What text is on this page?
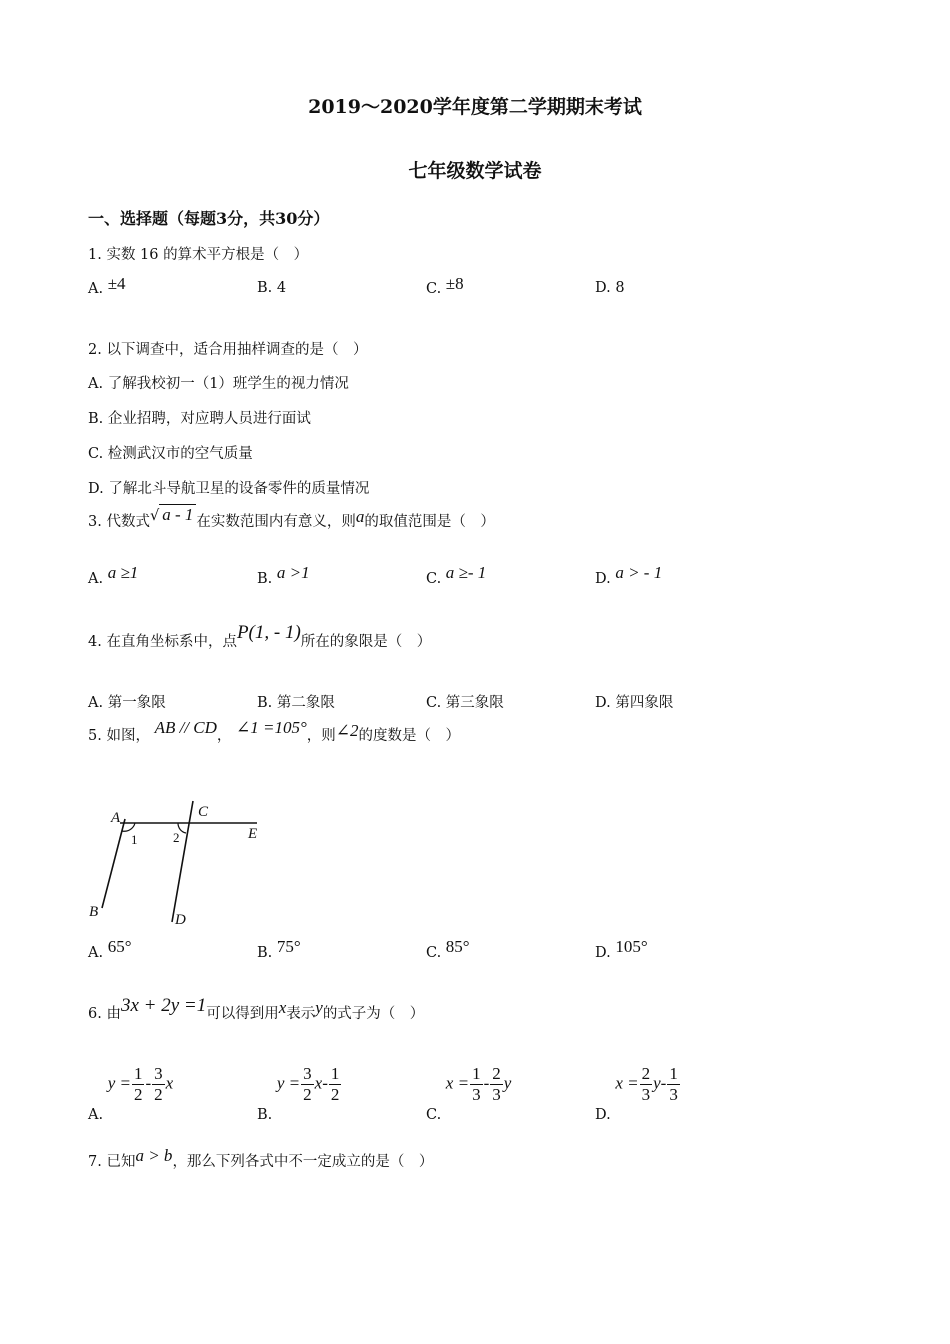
2019～2020学年度第二学期期末考试
七年级数学试卷
一、选择题（每题3分，共30分）
1. 实数 16 的算术平方根是（　）
A. ±4	B. 4	C. ±8	D. 8
2. 以下调查中，适合用抽样调查的是（　）
A. 了解我校初一（1）班学生的视力情况
B. 企业招聘，对应聘人员进行面试
C. 检测武汉市的空气质量
D. 了解北斗导航卫星的设备零件的质量情况
3. 代数式√ a - 1 在实数范围内有意义，则a的取值范围是（　）
A. a ≥1	B. a >1	C. a ≥- 1	D. a > - 1
4. 在直角坐标系中，点P(1, - 1)所在的象限是（　）
A. 第一象限	B. 第二象限	C. 第三象限	D. 第四象限
5. 如图， AB // CD， ∠1 =105°，则∠2的度数是（　）
A
B
C
D
E
1	2
A. 65°	B. 75°	C. 85°	D. 105°
6. 由3x + 2y =1可以得到用x表示y的式子为（　）
A. $y = \frac{1}{2} - \frac{3}{2}$ x
B. $y = \frac{3}{2} x- \frac{1}{2}$
C. $x = \frac{1}{3} - \frac{2}{3}$ y
D. $x = \frac{2}{3} y- \frac{1}{3}$
7. 已知a > b，那么下列各式中不一定成立的是（　）
